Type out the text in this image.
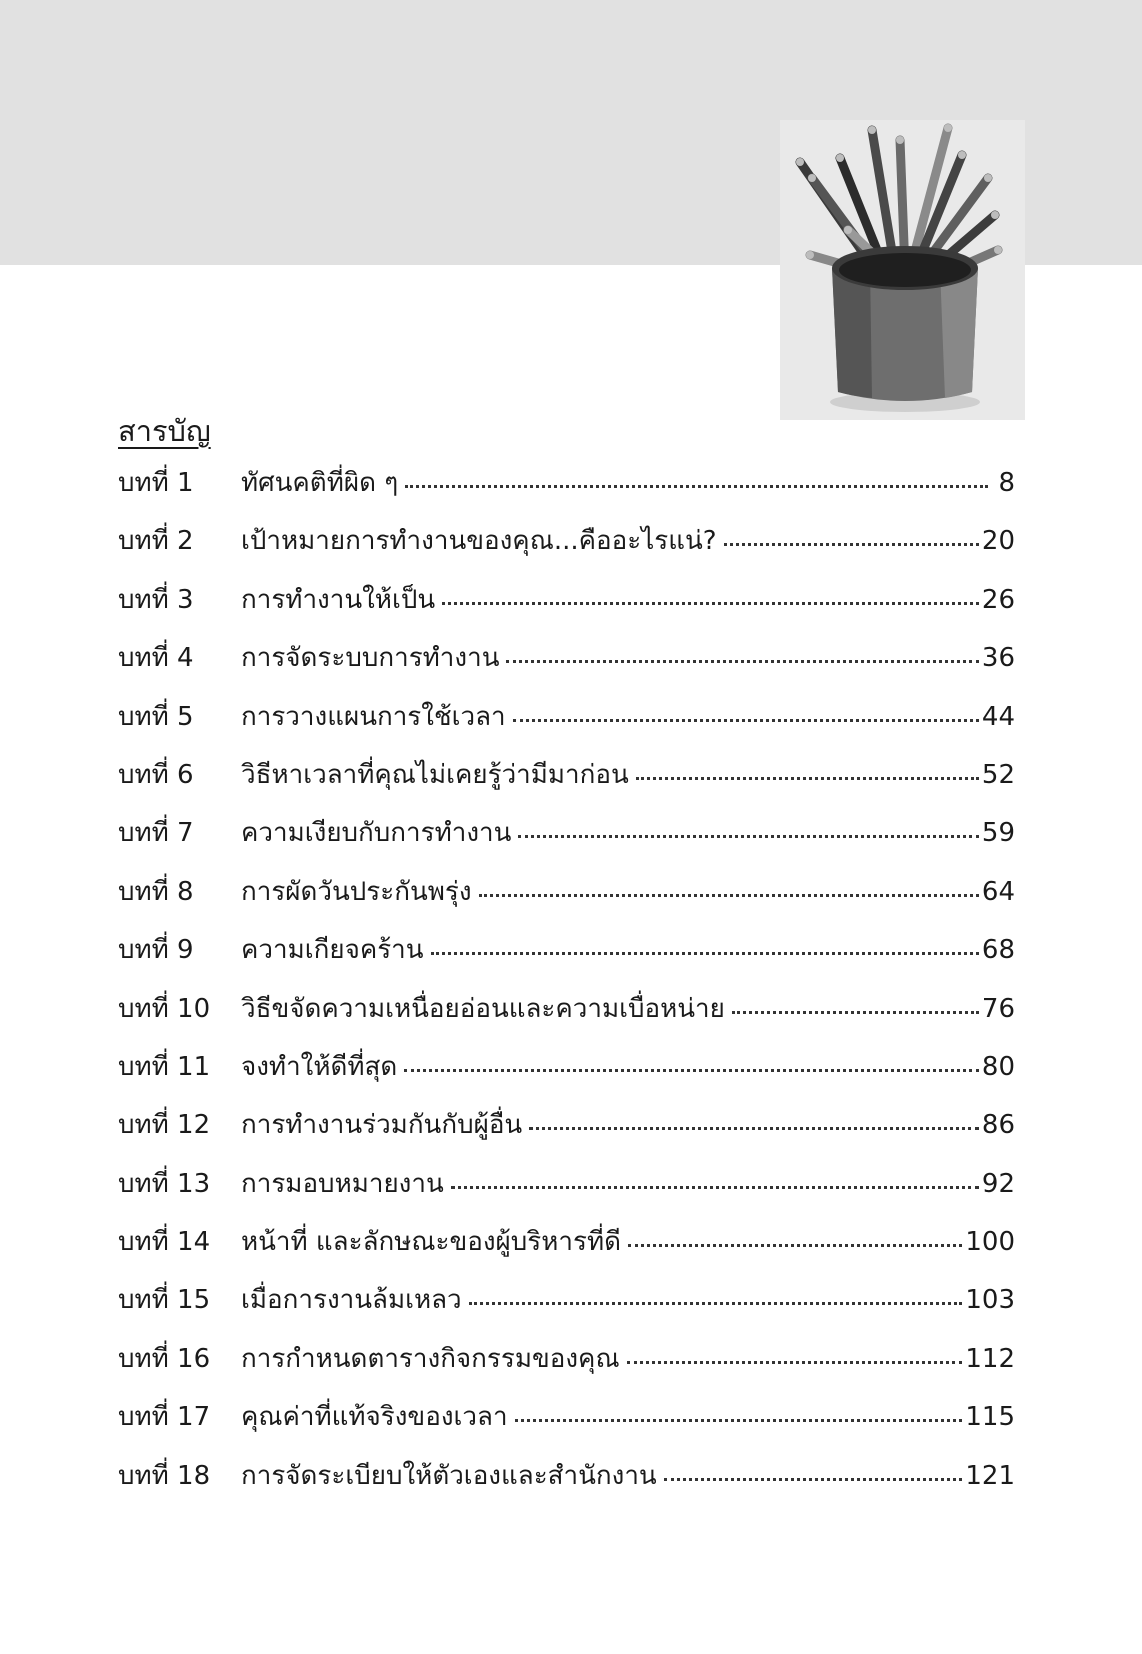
สารบัญ
บทที่ 1	ทัศนคติที่ผิด ๆ	8
บทที่ 2	เป้าหมายการทำงานของคุณ...คืออะไรแน่?	20
บทที่ 3	การทำงานให้เป็น	26
บทที่ 4	การจัดระบบการทำงาน	36
บทที่ 5	การวางแผนการใช้เวลา	44
บทที่ 6	วิธีหาเวลาที่คุณไม่เคยรู้ว่ามีมาก่อน	52
บทที่ 7	ความเงียบกับการทำงาน	59
บทที่ 8	การผัดวันประกันพรุ่ง	64
บทที่ 9	ความเกียจคร้าน	68
บทที่ 10	วิธีขจัดความเหนื่อยอ่อนและความเบื่อหน่าย	76
บทที่ 11	จงทำให้ดีที่สุด	80
บทที่ 12	การทำงานร่วมกันกับผู้อื่น	86
บทที่ 13	การมอบหมายงาน	92
บทที่ 14	หน้าที่ และลักษณะของผู้บริหารที่ดี	100
บทที่ 15	เมื่อการงานล้มเหลว	103
บทที่ 16	การกำหนดตารางกิจกรรมของคุณ	112
บทที่ 17	คุณค่าที่แท้จริงของเวลา	115
บทที่ 18	การจัดระเบียบให้ตัวเองและสำนักงาน	121
